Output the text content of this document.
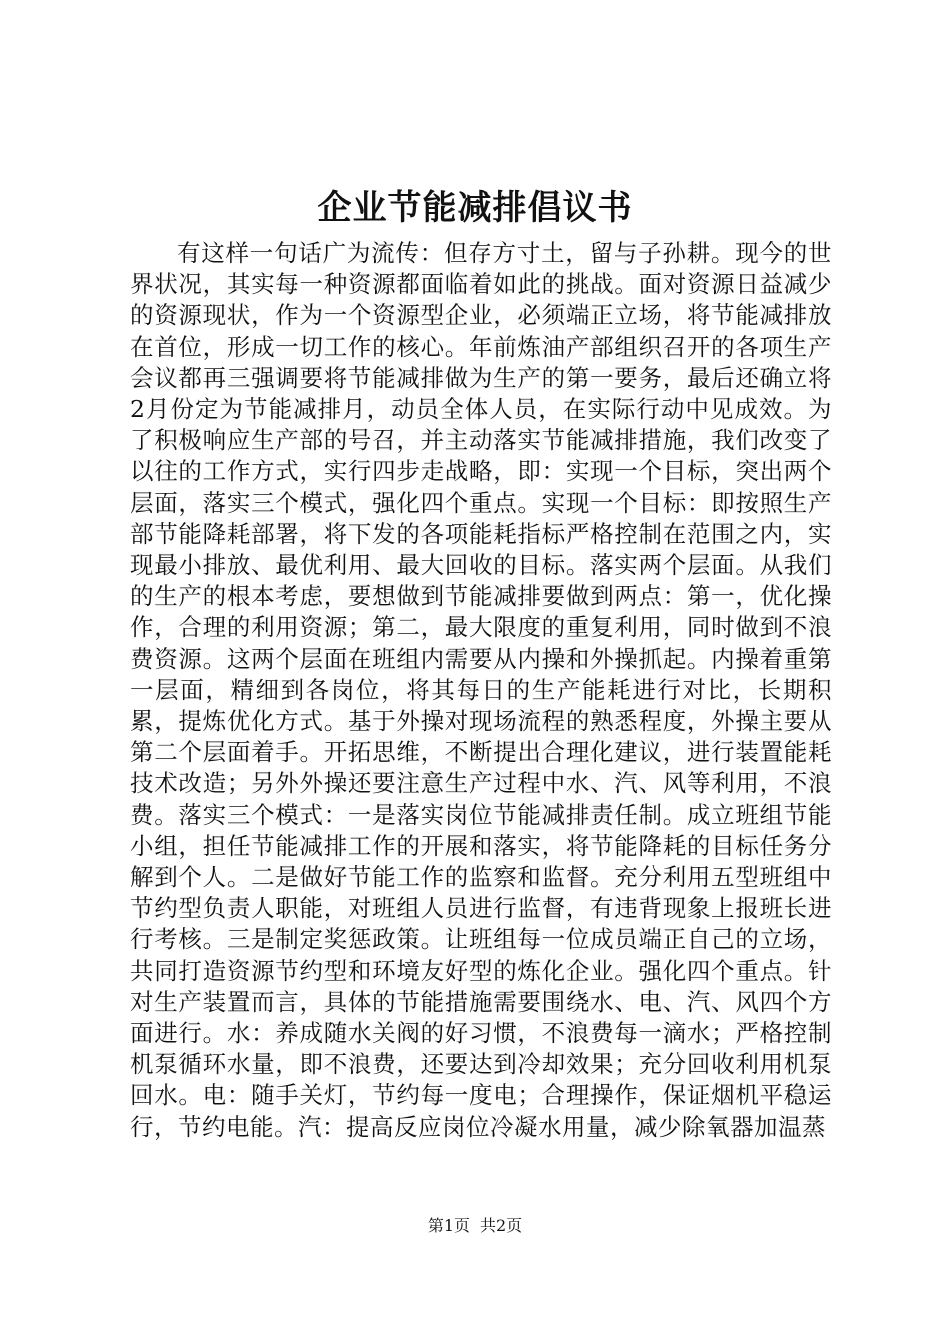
企业节能减排倡议书

有这样一句话广为流传：但存方寸土，留与子孙耕。现今的世界状况，其实每一种资源都面临着如此的挑战。面对资源日益减少的资源现状，作为一个资源型企业，必须端正立场，将节能减排放在首位，形成一切工作的核心。年前炼油产部组织召开的各项生产会议都再三强调要将节能减排做为生产的第一要务，最后还确立将2月份定为节能减排月，动员全体人员，在实际行动中见成效。为了积极响应生产部的号召，并主动落实节能减排措施，我们改变了以往的工作方式，实行四步走战略，即：实现一个目标，突出两个层面，落实三个模式，强化四个重点。实现一个目标：即按照生产部节能降耗部署，将下发的各项能耗指标严格控制在范围之内，实现最小排放、最优利用、最大回收的目标。落实两个层面。从我们的生产的根本考虑，要想做到节能减排要做到两点：第一，优化操作，合理的利用资源；第二，最大限度的重复利用，同时做到不浪费资源。这两个层面在班组内需要从内操和外操抓起。内操着重第一层面，精细到各岗位，将其每日的生产能耗进行对比，长期积累，提炼优化方式。基于外操对现场流程的熟悉程度，外操主要从第二个层面着手。开拓思维，不断提出合理化建议，进行装置能耗技术改造；另外外操还要注意生产过程中水、汽、风等利用，不浪费。落实三个模式：一是落实岗位节能减排责任制。成立班组节能小组，担任节能减排工作的开展和落实，将节能降耗的目标任务分解到个人。二是做好节能工作的监察和监督。充分利用五型班组中节约型负责人职能，对班组人员进行监督，有违背现象上报班长进行考核。三是制定奖惩政策。让班组每一位成员端正自己的立场，共同打造资源节约型和环境友好型的炼化企业。强化四个重点。针对生产装置而言，具体的节能措施需要围绕水、电、汽、风四个方面进行。水：养成随水关阀的好习惯，不浪费每一滴水；严格控制机泵循环水量，即不浪费，还要达到冷却效果；充分回收利用机泵回水。电：随手关灯，节约每一度电；合理操作，保证烟机平稳运行，节约电能。汽：提高反应岗位冷凝水用量，减少除氧器加温蒸

第1页 共2页
